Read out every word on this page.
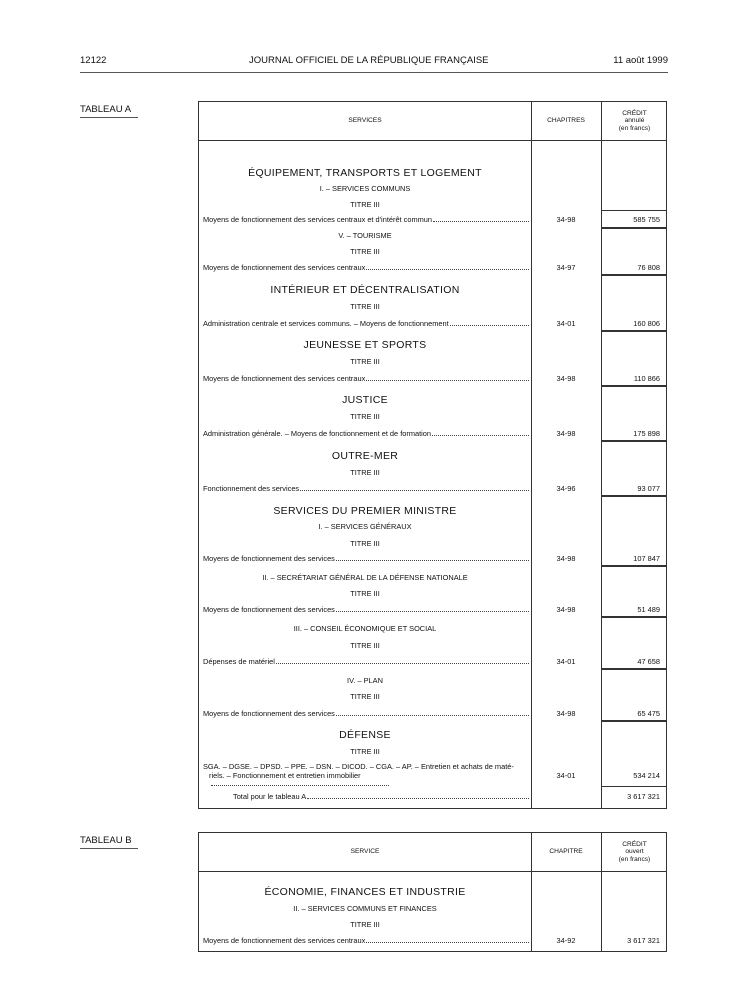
12122	JOURNAL OFFICIEL DE LA RÉPUBLIQUE FRANÇAISE	11 août 1999
TABLEAU A
SERVICES	CHAPITRES
CRÉDIT
annulé
(en francs)
ÉQUIPEMENT, TRANSPORTS ET LOGEMENT
I. – SERVICES COMMUNS
TITRE III
Moyens de fonctionnement des services centraux et d'intérêt commun	34-98	585 755
V. – TOURISME
TITRE III
Moyens de fonctionnement des services centraux	34-97	76 808
INTÉRIEUR ET DÉCENTRALISATION
TITRE III
Administration centrale et services communs. – Moyens de fonctionnement	34-01	160 806
JEUNESSE ET SPORTS
TITRE III
Moyens de fonctionnement des services centraux	34-98	110 866
JUSTICE
TITRE III
Administration générale. – Moyens de fonctionnement et de formation	34-98	175 898
OUTRE-MER
TITRE III
Fonctionnement des services	34-96	93 077
SERVICES DU PREMIER MINISTRE
I. – SERVICES GÉNÉRAUX
TITRE III
Moyens de fonctionnement des services	34-98	107 847
II. – SECRÉTARIAT GÉNÉRAL DE LA DÉFENSE NATIONALE
TITRE III
Moyens de fonctionnement des services	34-98	51 489
III. – CONSEIL ÉCONOMIQUE ET SOCIAL
TITRE III
Dépenses de matériel	34-01	47 658
IV. – PLAN
TITRE III
Moyens de fonctionnement des services	34-98	65 475
DÉFENSE
TITRE III
SGA. – DGSE. – DPSD. – PPE. – DSN. – DICOD. – CGA. – AP. – Entretien et achats de maté-
riels. – Fonctionnement et entretien immobilier	34-01	534 214
Total pour le tableau A	3 617 321
TABLEAU B
SERVICE	CHAPITRE
CRÉDIT
ouvert
(en francs)
ÉCONOMIE, FINANCES ET INDUSTRIE
II. – SERVICES COMMUNS ET FINANCES
TITRE III
Moyens de fonctionnement des services centraux	34-92	3 617 321
